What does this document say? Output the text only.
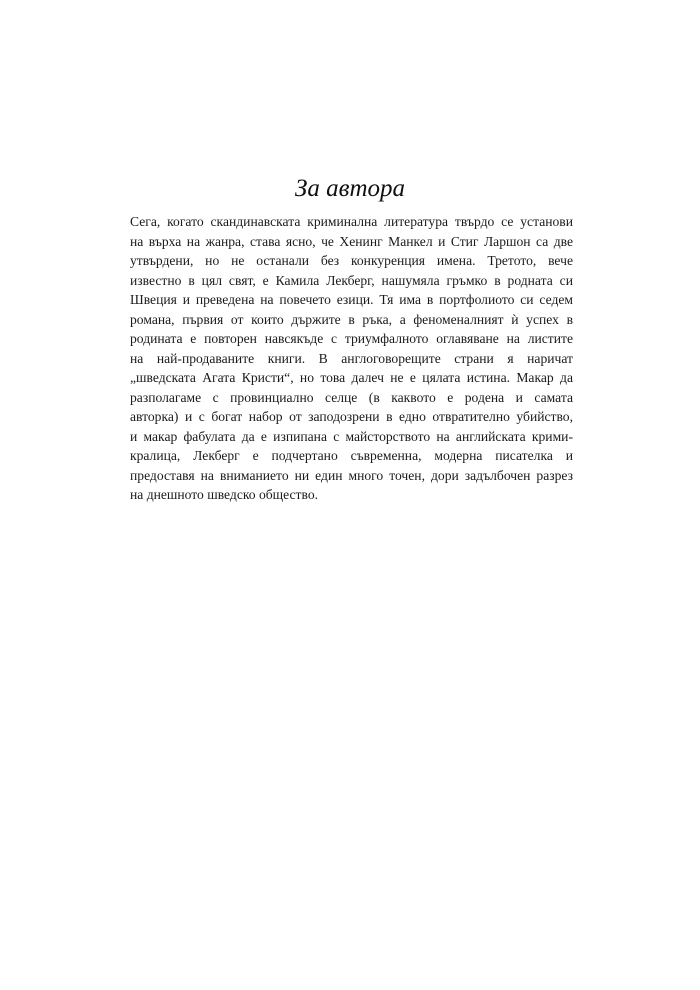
За автора
Сега, когато скандинавската криминална литература твърдо се установи
на върха на жанра, става ясно, че Хенинг Манкел и Стиг Ларшон са две
утвърдени, но не останали без конкуренция имена. Третото, вече
известно в цял свят, е Камила Лекберг, нашумяла гръмко в родната си
Швеция и преведена на повечето езици. Тя има в портфолиото си седем
романа, първия от които държите в ръка, а феноменалният ѝ успех в
родината е повторен навсякъде с триумфалното оглавяване на листите
на най-продаваните книги. В англоговорещите страни я наричат
„шведската Агата Кристи“, но това далеч не е цялата истина. Макар да
разполагаме с провинциално селце (в каквото е родена и самата
авторка) и с богат набор от заподозрени в едно отвратително убийство,
и макар фабулата да е изпипана с майсторството на английската крими-
кралица, Лекберг е подчертано съвременна, модерна писателка и
предоставя на вниманието ни един много точен, дори задълбочен разрез
на днешното шведско общество.
